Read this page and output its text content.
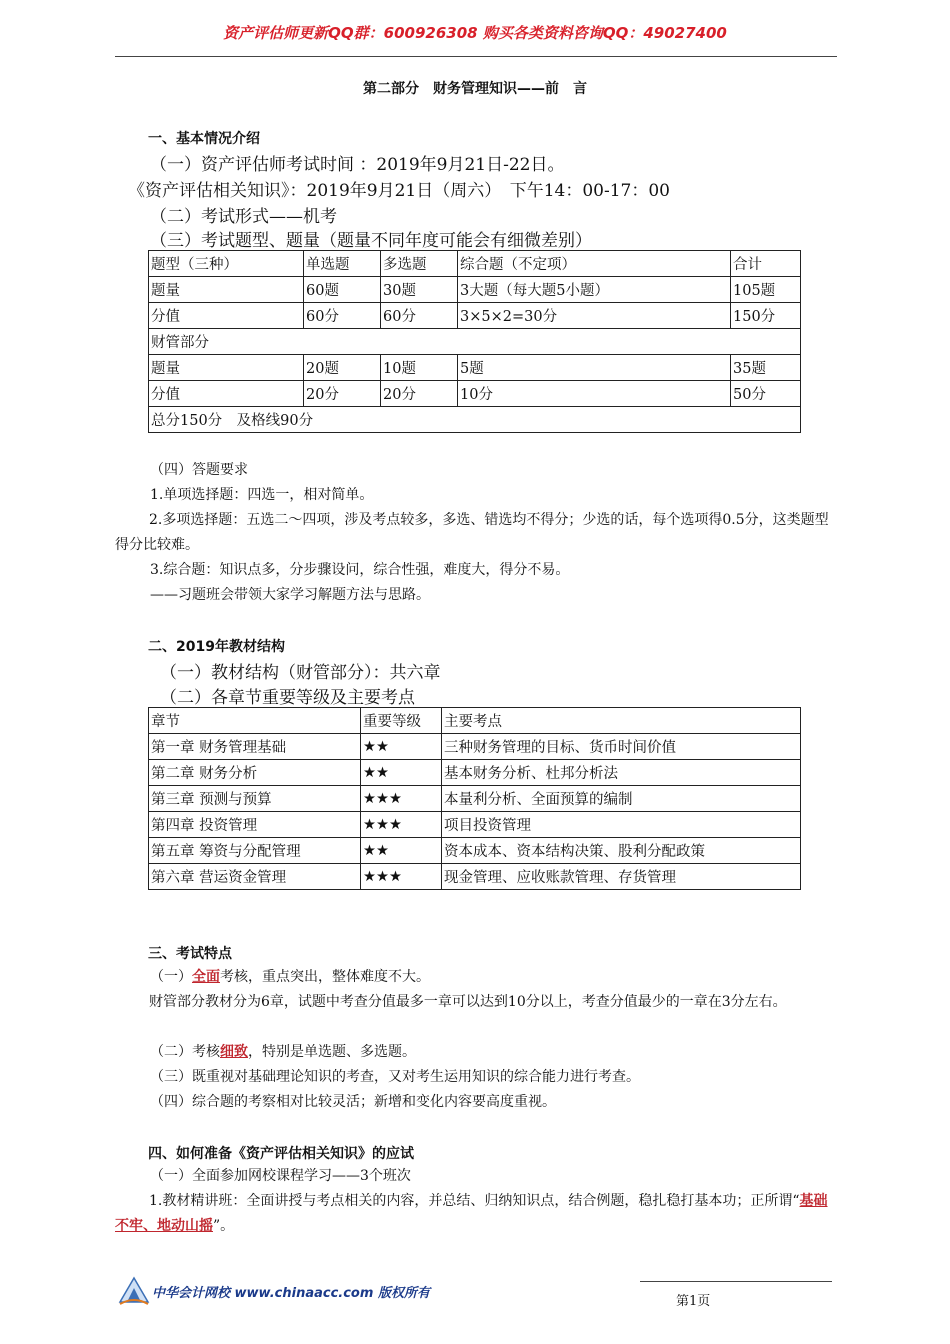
资产评估师更新QQ群：600926308 购买各类资料咨询QQ：49027400
第二部分　财务管理知识——前　言
一、基本情况介绍
（一）资产评估师考试时间 ：2019年9月21日-22日。
《资产评估相关知识》：2019年9月21日（周六）　下午14：00-17：00
（二）考试形式——机考
（三）考试题型、题量（题量不同年度可能会有细微差别）
题型（三种）	单选题	多选题	综合题（不定项）	合计
题量	60题	30题	3大题（每大题5小题）	105题
分值	60分	60分	3×5×2=30分	150分
财管部分				
题量	20题	10题	5题	35题
分值	20分	20分	10分	50分
总分150分　及格线90分				
（四）答题要求
1.单项选择题：四选一，相对简单。
2.多项选择题：五选二～四项，涉及考点较多，多选、错选均不得分；少选的话，每个选项得0.5分，这类题型得分比较难。
3.综合题：知识点多，分步骤设问，综合性强，难度大，得分不易。
——习题班会带领大家学习解题方法与思路。
二、2019年教材结构
（一）教材结构（财管部分）：共六章
（二）各章节重要等级及主要考点
章节	重要等级	主要考点
第一章 财务管理基础	★★	三种财务管理的目标、货币时间价值
第二章 财务分析	★★	基本财务分析、杜邦分析法
第三章 预测与预算	★★★	本量利分析、全面预算的编制
第四章 投资管理	★★★	项目投资管理
第五章 筹资与分配管理	★★	资本成本、资本结构决策、股利分配政策
第六章 营运资金管理	★★★	现金管理、应收账款管理、存货管理
三、考试特点
（一）全面考核，重点突出，整体难度不大。
财管部分教材分为6章，试题中考查分值最多一章可以达到10分以上，考查分值最少的一章在3分左右。
（二）考核细致，特别是单选题、多选题。
（三）既重视对基础理论知识的考查，又对考生运用知识的综合能力进行考查。
（四）综合题的考察相对比较灵活；新增和变化内容要高度重视。
四、如何准备《资产评估相关知识》的应试
（一）全面参加网校课程学习——3个班次
1.教材精讲班：全面讲授与考点相关的内容，并总结、归纳知识点，结合例题，稳扎稳打基本功；正所谓“基础不牢、地动山摇”。
中华会计网校 www.chinaacc.com 版权所有
第1页
